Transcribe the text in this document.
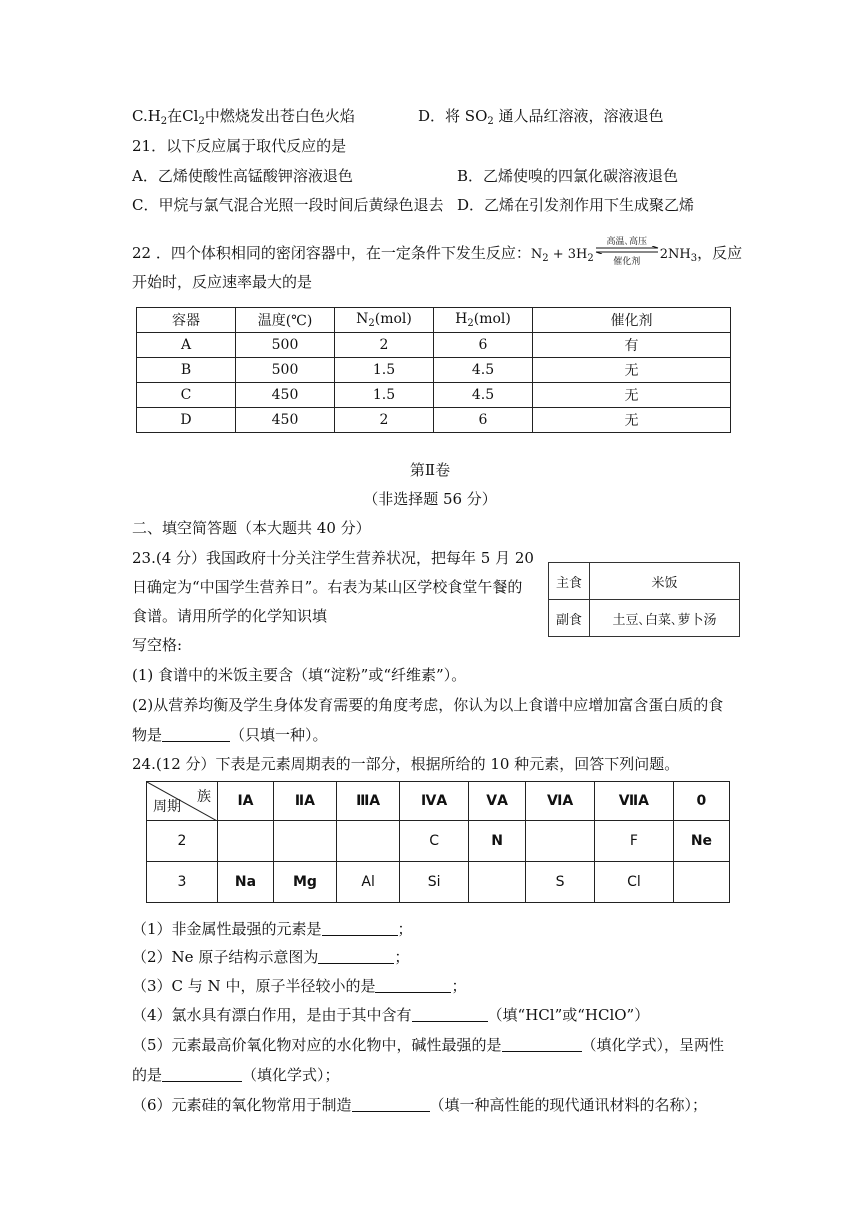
$C.H_2$在$Cl_2$中燃烧发出苍白色火焰	D．将 $SO_2$ 通人品红溶液，溶液退色
21．以下反应属于取代反应的是
A．乙烯使酸性高锰酸钾溶液退色	B．乙烯使嗅的四氯化碳溶液退色
C．甲烷与氯气混合光照一段时间后黄绿色退去 D．乙烯在引发剂作用下生成聚乙烯
22 ．四个体积相同的密闭容器中，在一定条件下发生反应：$N_2 + 3H_2$
高温､高压
催化剂	$2NH_3$，反应
开始时，反应速率最大的是
容器	温度(℃)	$N_2(mol)$	$H_2(mol)$	催化剂
A	500	2	6	有
B	500	1.5	4.5	无
C	450	1.5	4.5	无
D	450	2	6	无
第Ⅱ卷
（非选择题 56 分）
二、填空简答题（本大题共 40 分）
23.(4 分）我国政府十分关注学生营养状况，把每年 5 月 20
日确定为“中国学生营养日”。右表为某山区学校食堂午餐的
食谱。请用所学的化学知识填
写空格:
主食	米饭
副食	土豆､白菜､萝卜汤
(1) 食谱中的米饭主要含（填“淀粉”或“纤维素”）。
(2)从营养均衡及学生身体发育需要的角度考虑，你认为以上食谱中应增加富含蛋白质的食
物是	（只填一种）。
24.(12 分）下表是元素周期表的一部分，根据所给的 10 种元素，回答下列问题。
族
周期	ⅠA	ⅡA	ⅢA	ⅣA	ⅤA	ⅥA	ⅦA	0
2				C	N		F	Ne
3	Na	Mg	Al	Si		S	Cl	
（1）非金属性最强的元素是	；
（2）Ne 原子结构示意图为	；
（3）C 与 N 中，原子半径较小的是	；
（4）氯水具有漂白作用，是由于其中含有	（填“HCl”或“HClO”）
（5）元素最高价氧化物对应的水化物中，碱性最强的是	（填化学式），呈两性
的是	（填化学式）；
（6）元素硅的氧化物常用于制造	（填一种高性能的现代通讯材料的名称）；
